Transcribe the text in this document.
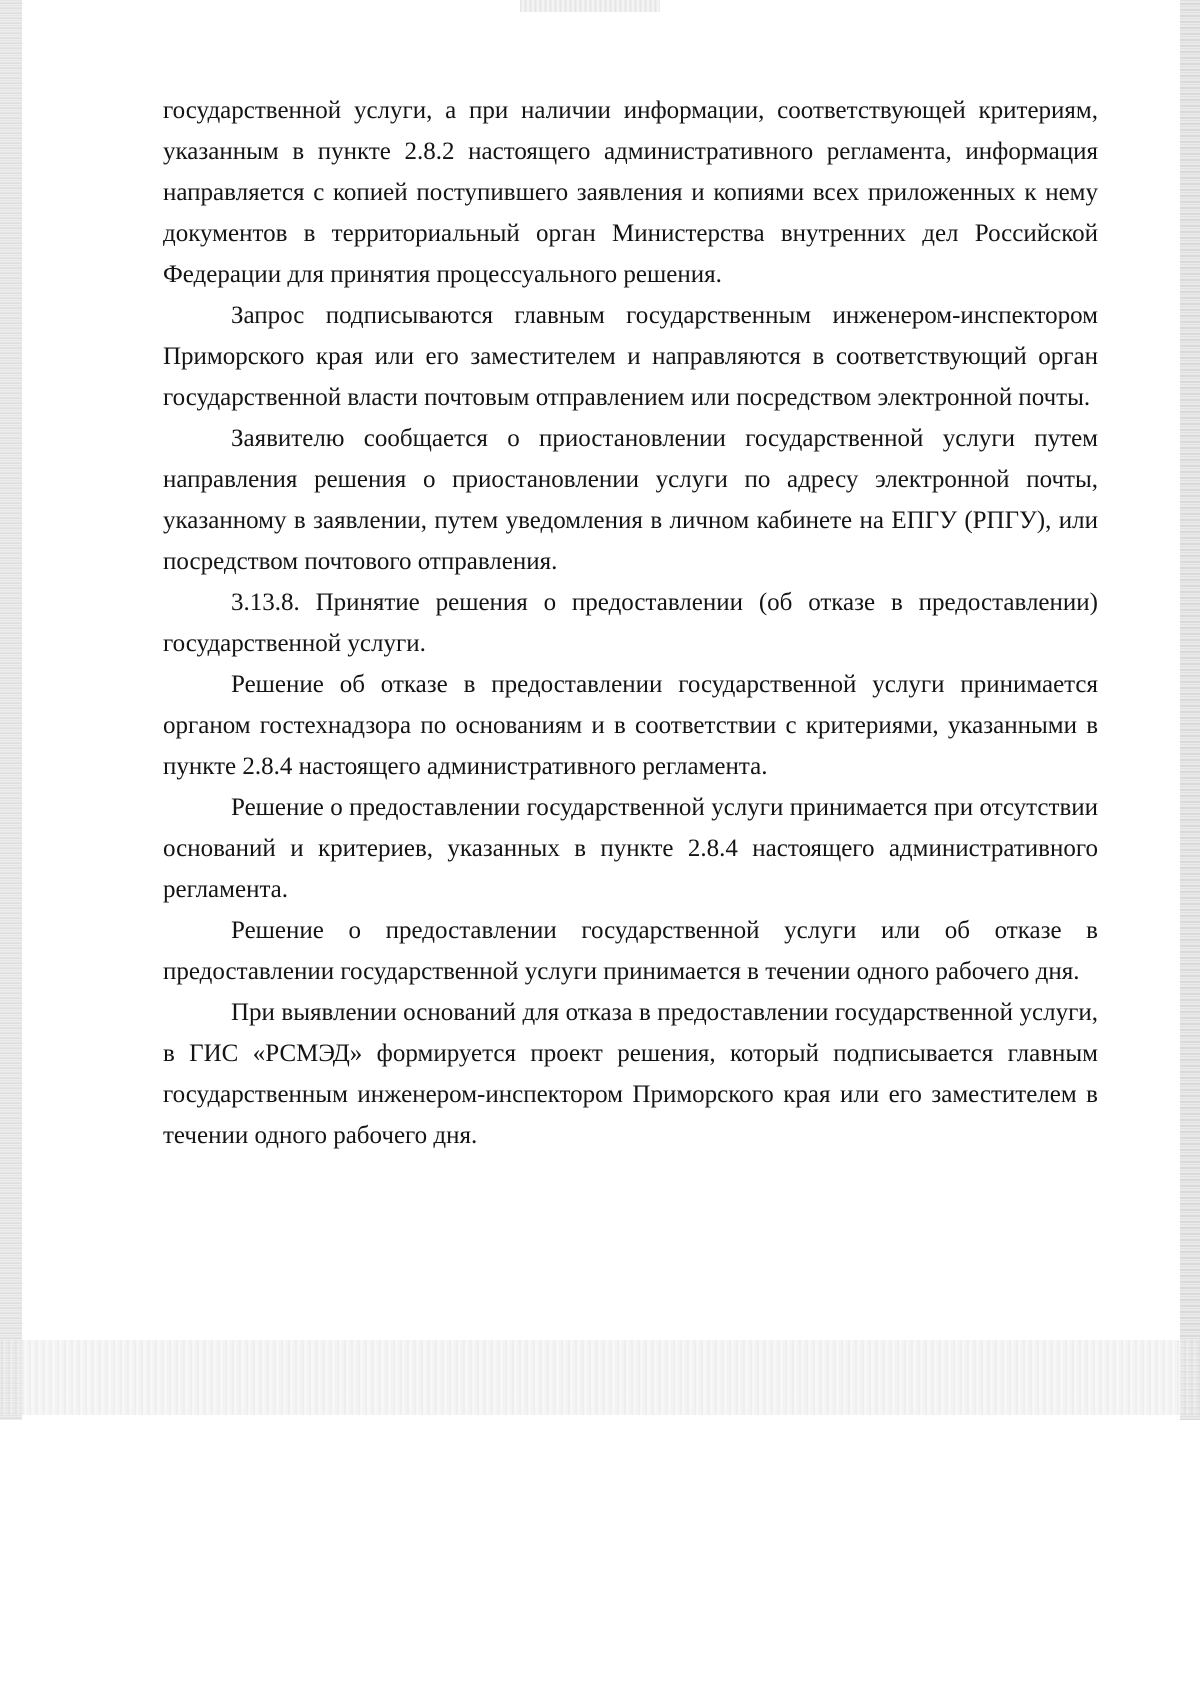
государственной услуги, а при наличии информации, соответствующей критериям, указанным в пункте 2.8.2 настоящего административного регламента, информация направляется с копией поступившего заявления и копиями всех приложенных к нему документов в территориальный орган Министерства внутренних дел Российской Федерации для принятия процессуального решения.

Запрос подписываются главным государственным инженером-инспектором Приморского края или его заместителем и направляются в соответствующий орган государственной власти почтовым отправлением или посредством электронной почты.

Заявителю сообщается о приостановлении государственной услуги путем направления решения о приостановлении услуги по адресу электронной почты, указанному в заявлении, путем уведомления в личном кабинете на ЕПГУ (РПГУ), или посредством почтового отправления.

3.13.8. Принятие решения о предоставлении (об отказе в предоставлении) государственной услуги.

Решение об отказе в предоставлении государственной услуги принимается органом гостехнадзора по основаниям и в соответствии с критериями, указанными в пункте 2.8.4 настоящего административного регламента.

Решение о предоставлении государственной услуги принимается при отсутствии оснований и критериев, указанных в пункте 2.8.4 настоящего административного регламента.

Решение о предоставлении государственной услуги или об отказе в предоставлении государственной услуги принимается в течении одного рабочего дня.

При выявлении оснований для отказа в предоставлении государственной услуги, в ГИС «РСМЭД» формируется проект решения, который подписывается главным государственным инженером-инспектором Приморского края или его заместителем в течении одного рабочего дня.
